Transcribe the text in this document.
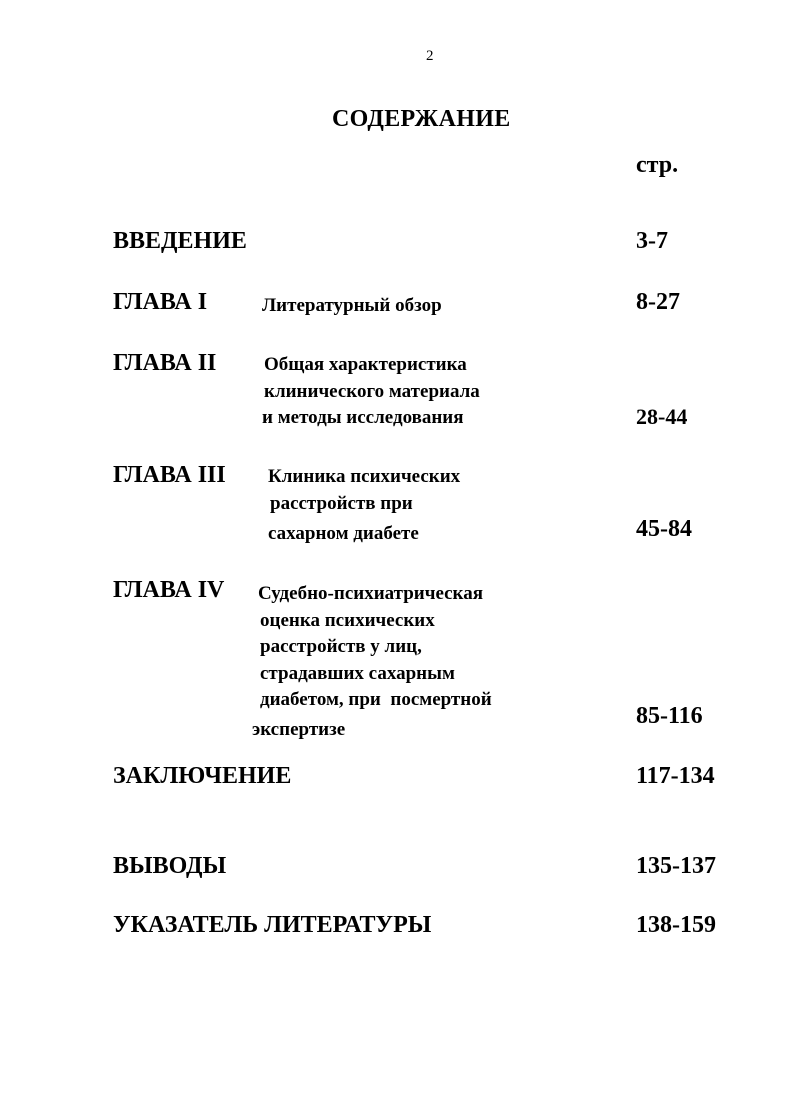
2
СОДЕРЖАНИЕ
стр.
ВВЕДЕНИЕ	3-7
ГЛАВА I	Литературный обзор	8-27
ГЛАВА II	Общая характеристика
клинического материала
и методы исследования	28-44
ГЛАВА III Клиника психических
расстройств при
сахарном диабете	45-84
ГЛАВА IV Судебно-психиатрическая
оценка психических
расстройств у лиц,
страдавших сахарным
диабетом, при  посмертной
экспертизе	85-116
ЗАКЛЮЧЕНИЕ	117-134
ВЫВОДЫ	135-137
УКАЗАТЕЛЬ ЛИТЕРАТУРЫ	138-159
